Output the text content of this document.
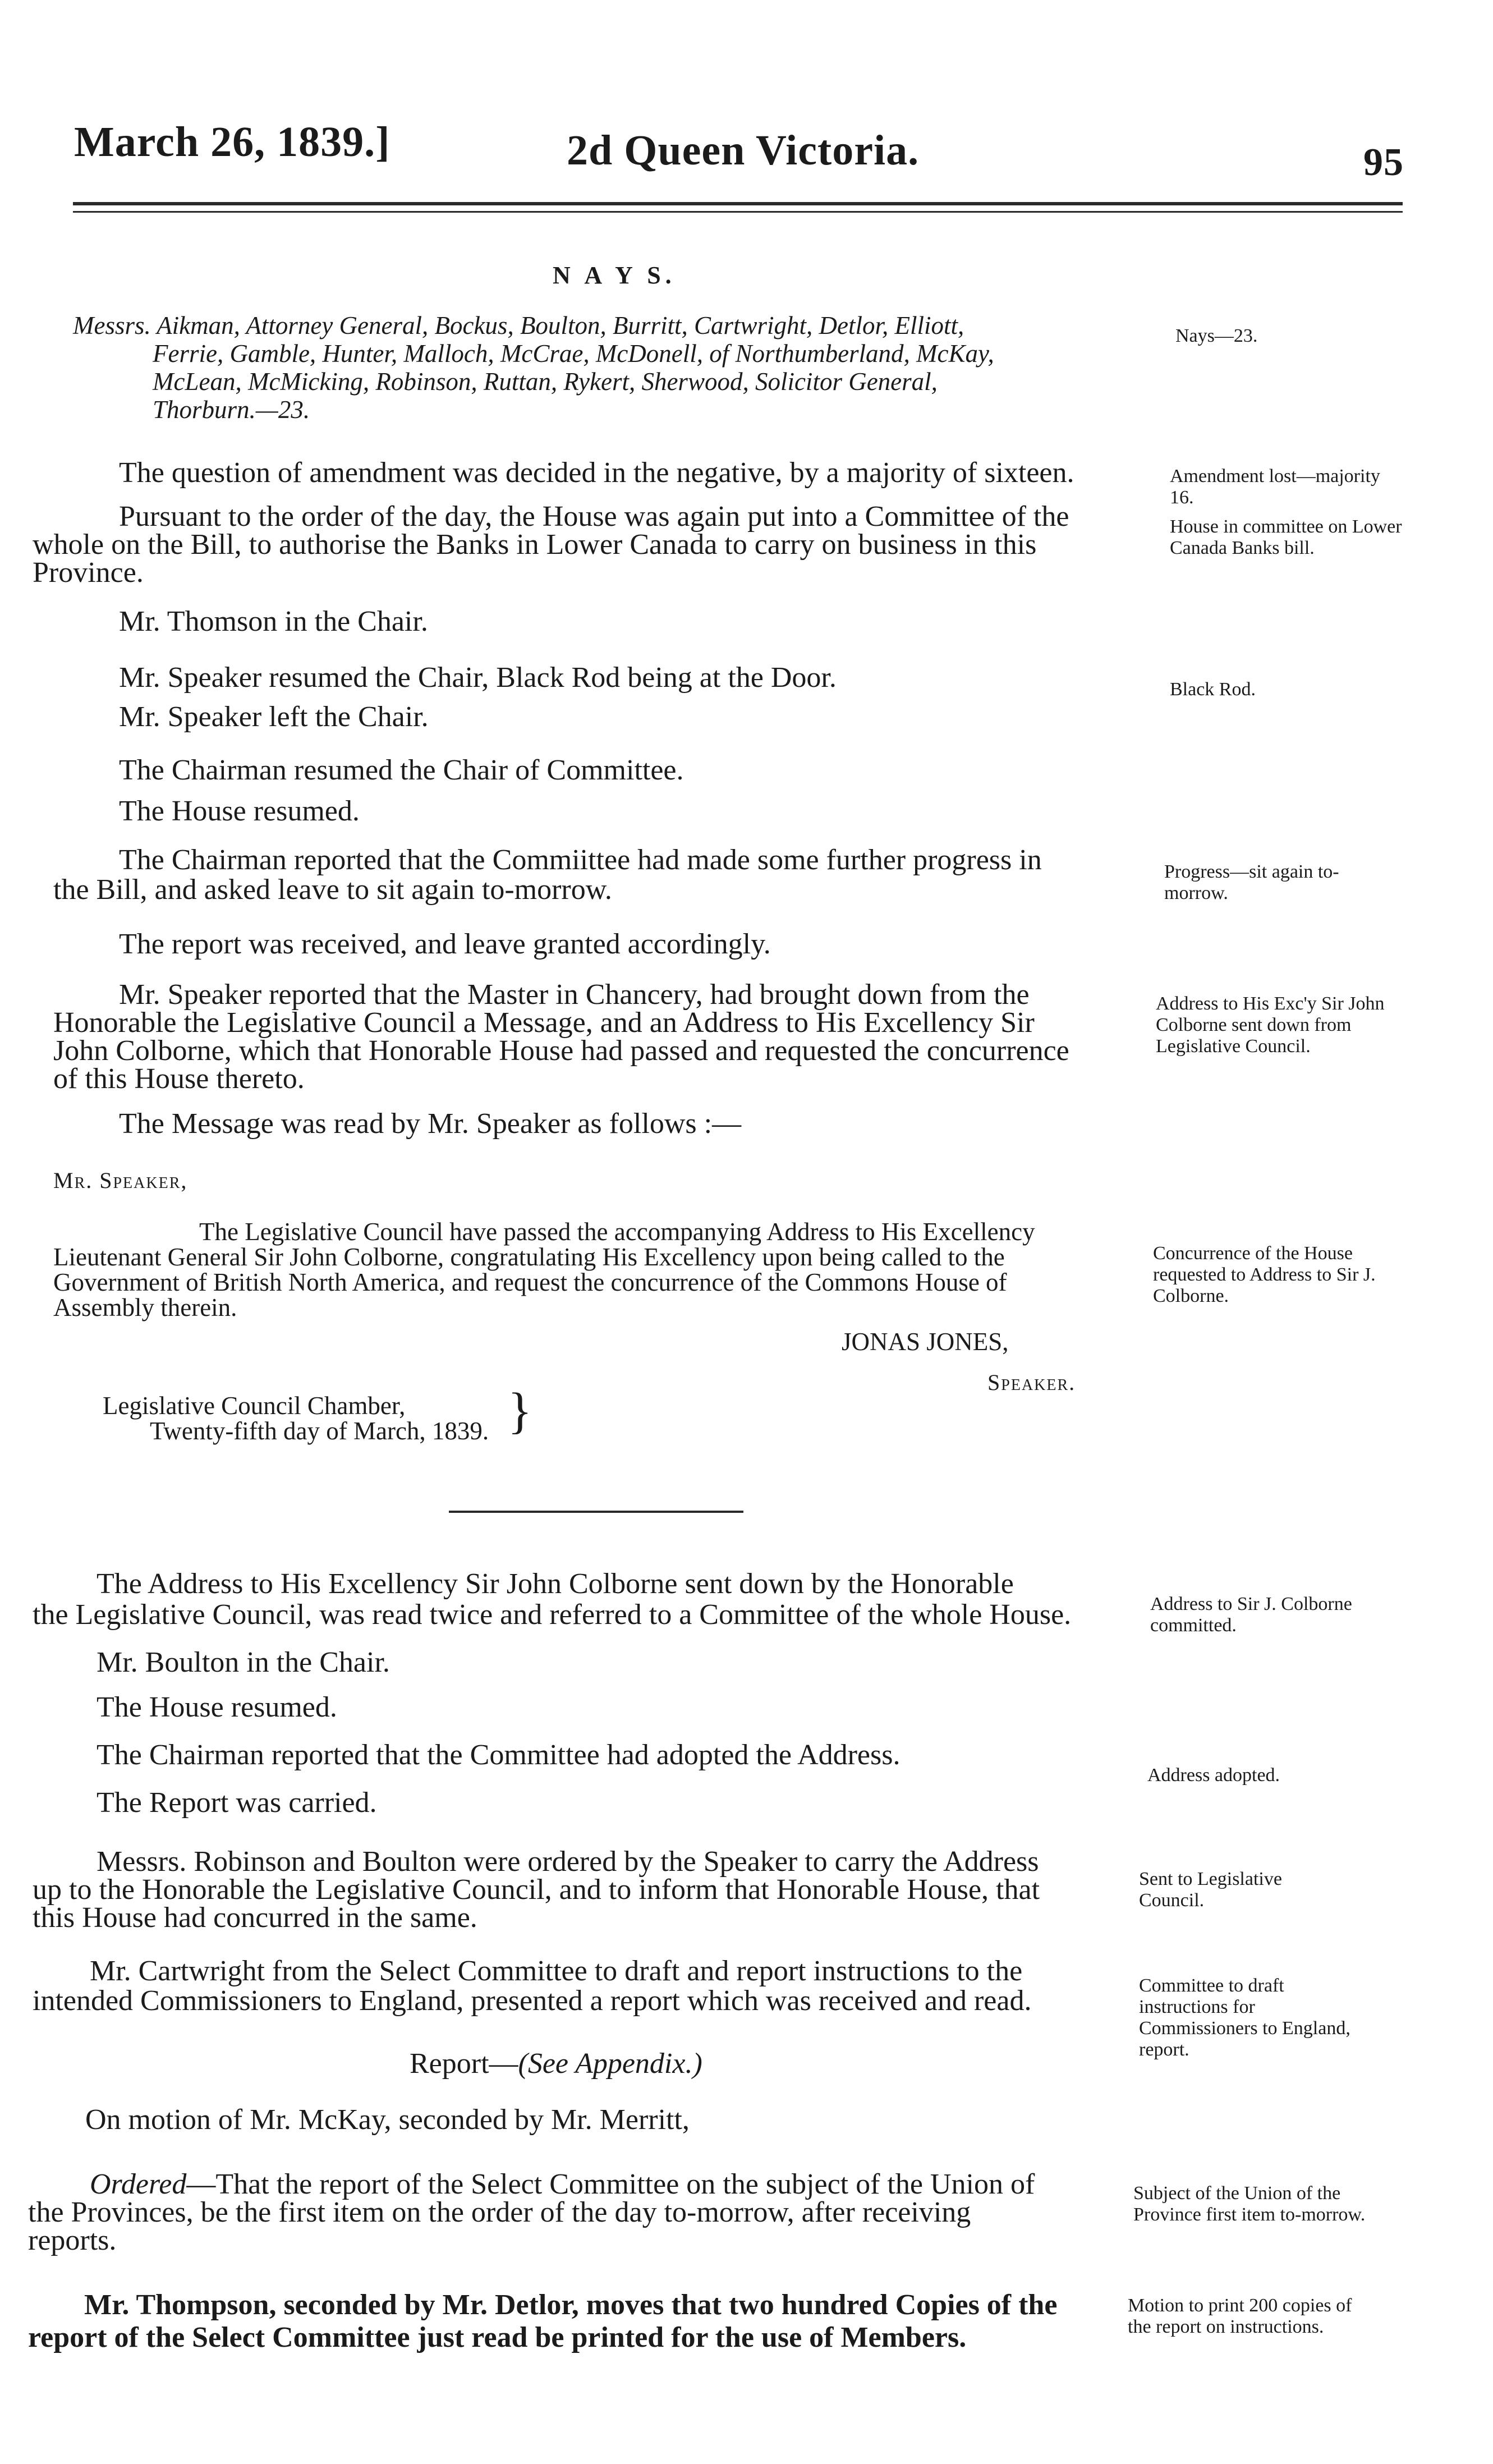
March 26, 1839.]	2d Queen Victoria.	95
N A Y S.
Messrs. Aikman, Attorney General, Bockus, Boulton, Burritt, Cartwright, Detlor, Elliott,
Ferrie, Gamble, Hunter, Malloch, McCrae, McDonell, of Northumberland, McKay,
McLean, McMicking, Robinson, Ruttan, Rykert, Sherwood, Solicitor General,
Thorburn.—23.
Nays—23.
The question of amendment was decided in the negative, by a majority of sixteen.	Amendment lost—majority 16.
Pursuant to the order of the day, the House was again put into a Committee of the
whole on the Bill, to authorise the Banks in Lower Canada to carry on business in this
Province.
House in committee on Lower Canada Banks bill.
Mr. Thomson in the Chair.
Mr. Speaker resumed the Chair, Black Rod being at the Door.	Black Rod.
Mr. Speaker left the Chair.
The Chairman resumed the Chair of Committee.
The House resumed.
The Chairman reported that the Commiittee had made some further progress in
the Bill, and asked leave to sit again to-morrow.
Progress—sit again to-morrow.
The report was received, and leave granted accordingly.
Mr. Speaker reported that the Master in Chancery, had brought down from the
Honorable the Legislative Council a Message, and an Address to His Excellency Sir
John Colborne, which that Honorable House had passed and requested the concurrence
of this House thereto.
Address to His Exc'y Sir John Colborne sent down from Legislative Council.
The Message was read by Mr. Speaker as follows :—
Mr. Speaker,
The Legislative Council have passed the accompanying Address to His Excellency
Lieutenant General Sir John Colborne, congratulating His Excellency upon being called to the
Government of British North America, and request the concurrence of the Commons House of
Assembly therein.
Concurrence of the House requested to Address to Sir J. Colborne.
JONAS JONES,
Speaker.
Legislative Council Chamber,
Twenty-fifth day of March, 1839. }
The Address to His Excellency Sir John Colborne sent down by the Honorable
the Legislative Council, was read twice and referred to a Committee of the whole House.	Address to Sir J. Colborne committed.
Mr. Boulton in the Chair.
The House resumed.
The Chairman reported that the Committee had adopted the Address.
Address adopted.
The Report was carried.
Messrs. Robinson and Boulton were ordered by the Speaker to carry the Address
up to the Honorable the Legislative Council, and to inform that Honorable House, that
this House had concurred in the same.
Sent to Legislative Council.
Mr. Cartwright from the Select Committee to draft and report instructions to the
intended Commissioners to England, presented a report which was received and read.	Committee to draft instructions for Commissioners to England, report.
Report—(See Appendix.)
On motion of Mr. McKay, seconded by Mr. Merritt,
Ordered—That the report of the Select Committee on the subject of the Union of
the Provinces, be the first item on the order of the day to-morrow, after receiving
reports.
Subject of the Union of the Province first item to-morrow.
Mr. Thompson, seconded by Mr. Detlor, moves that two hundred Copies of the
report of the Select Committee just read be printed for the use of Members.
Motion to print 200 copies of the report on instructions.
